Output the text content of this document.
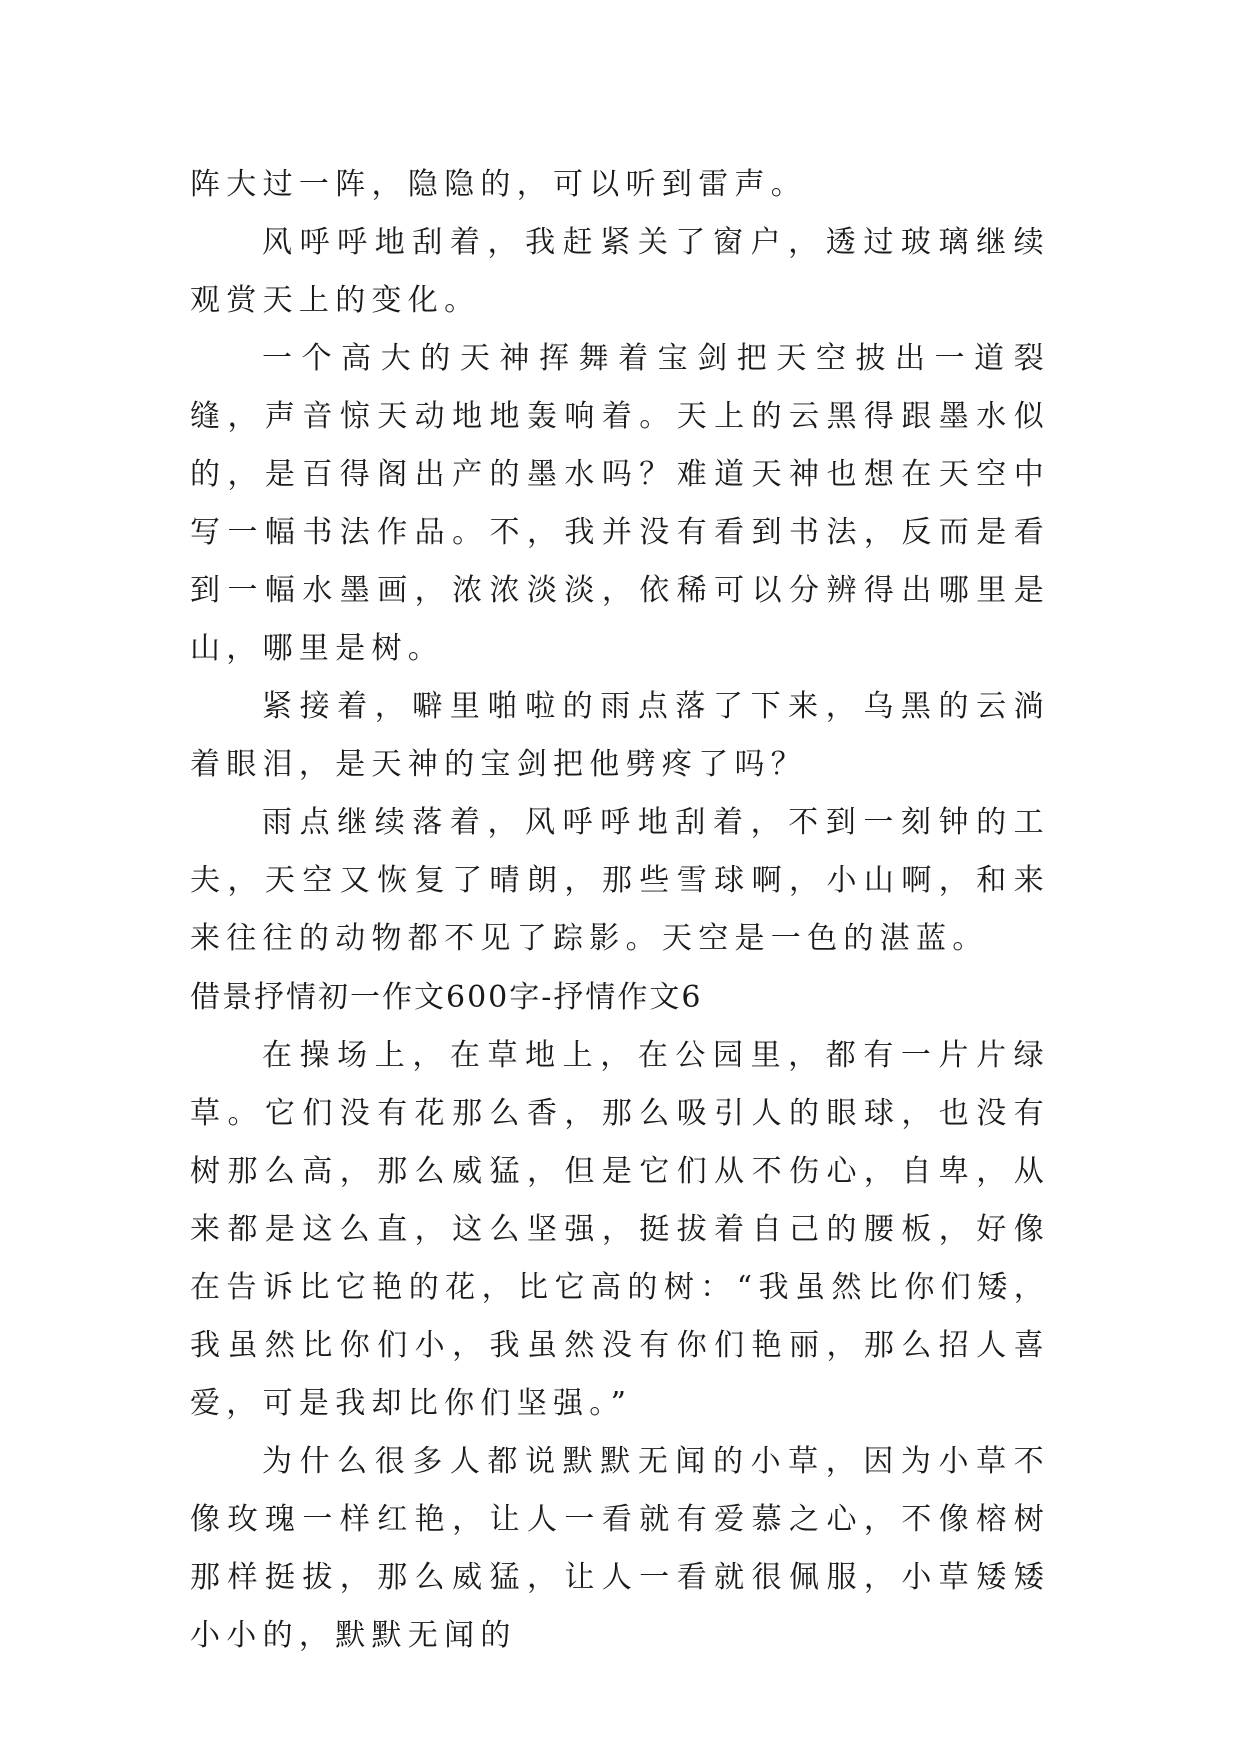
阵大过一阵，隐隐的，可以听到雷声。

风呼呼地刮着，我赶紧关了窗户，透过玻璃继续观赏天上的变化。

一个高大的天神挥舞着宝剑把天空披出一道裂缝，声音惊天动地地轰响着。天上的云黑得跟墨水似的，是百得阁出产的墨水吗？难道天神也想在天空中写一幅书法作品。不，我并没有看到书法，反而是看到一幅水墨画，浓浓淡淡，依稀可以分辨得出哪里是山，哪里是树。

紧接着，噼里啪啦的雨点落了下来，乌黑的云淌着眼泪，是天神的宝剑把他劈疼了吗？

雨点继续落着，风呼呼地刮着，不到一刻钟的工夫，天空又恢复了晴朗，那些雪球啊，小山啊，和来来往往的动物都不见了踪影。天空是一色的湛蓝。

借景抒情初一作文600字-抒情作文6

在操场上，在草地上，在公园里，都有一片片绿草。它们没有花那么香，那么吸引人的眼球，也没有树那么高，那么威猛，但是它们从不伤心，自卑，从来都是这么直，这么坚强，挺拔着自己的腰板，好像在告诉比它艳的花，比它高的树：“我虽然比你们矮，我虽然比你们小，我虽然没有你们艳丽，那么招人喜爱，可是我却比你们坚强。”

为什么很多人都说默默无闻的小草，因为小草不像玫瑰一样红艳，让人一看就有爱慕之心，不像榕树那样挺拔，那么威猛，让人一看就很佩服，小草矮矮小小的，默默无闻的
